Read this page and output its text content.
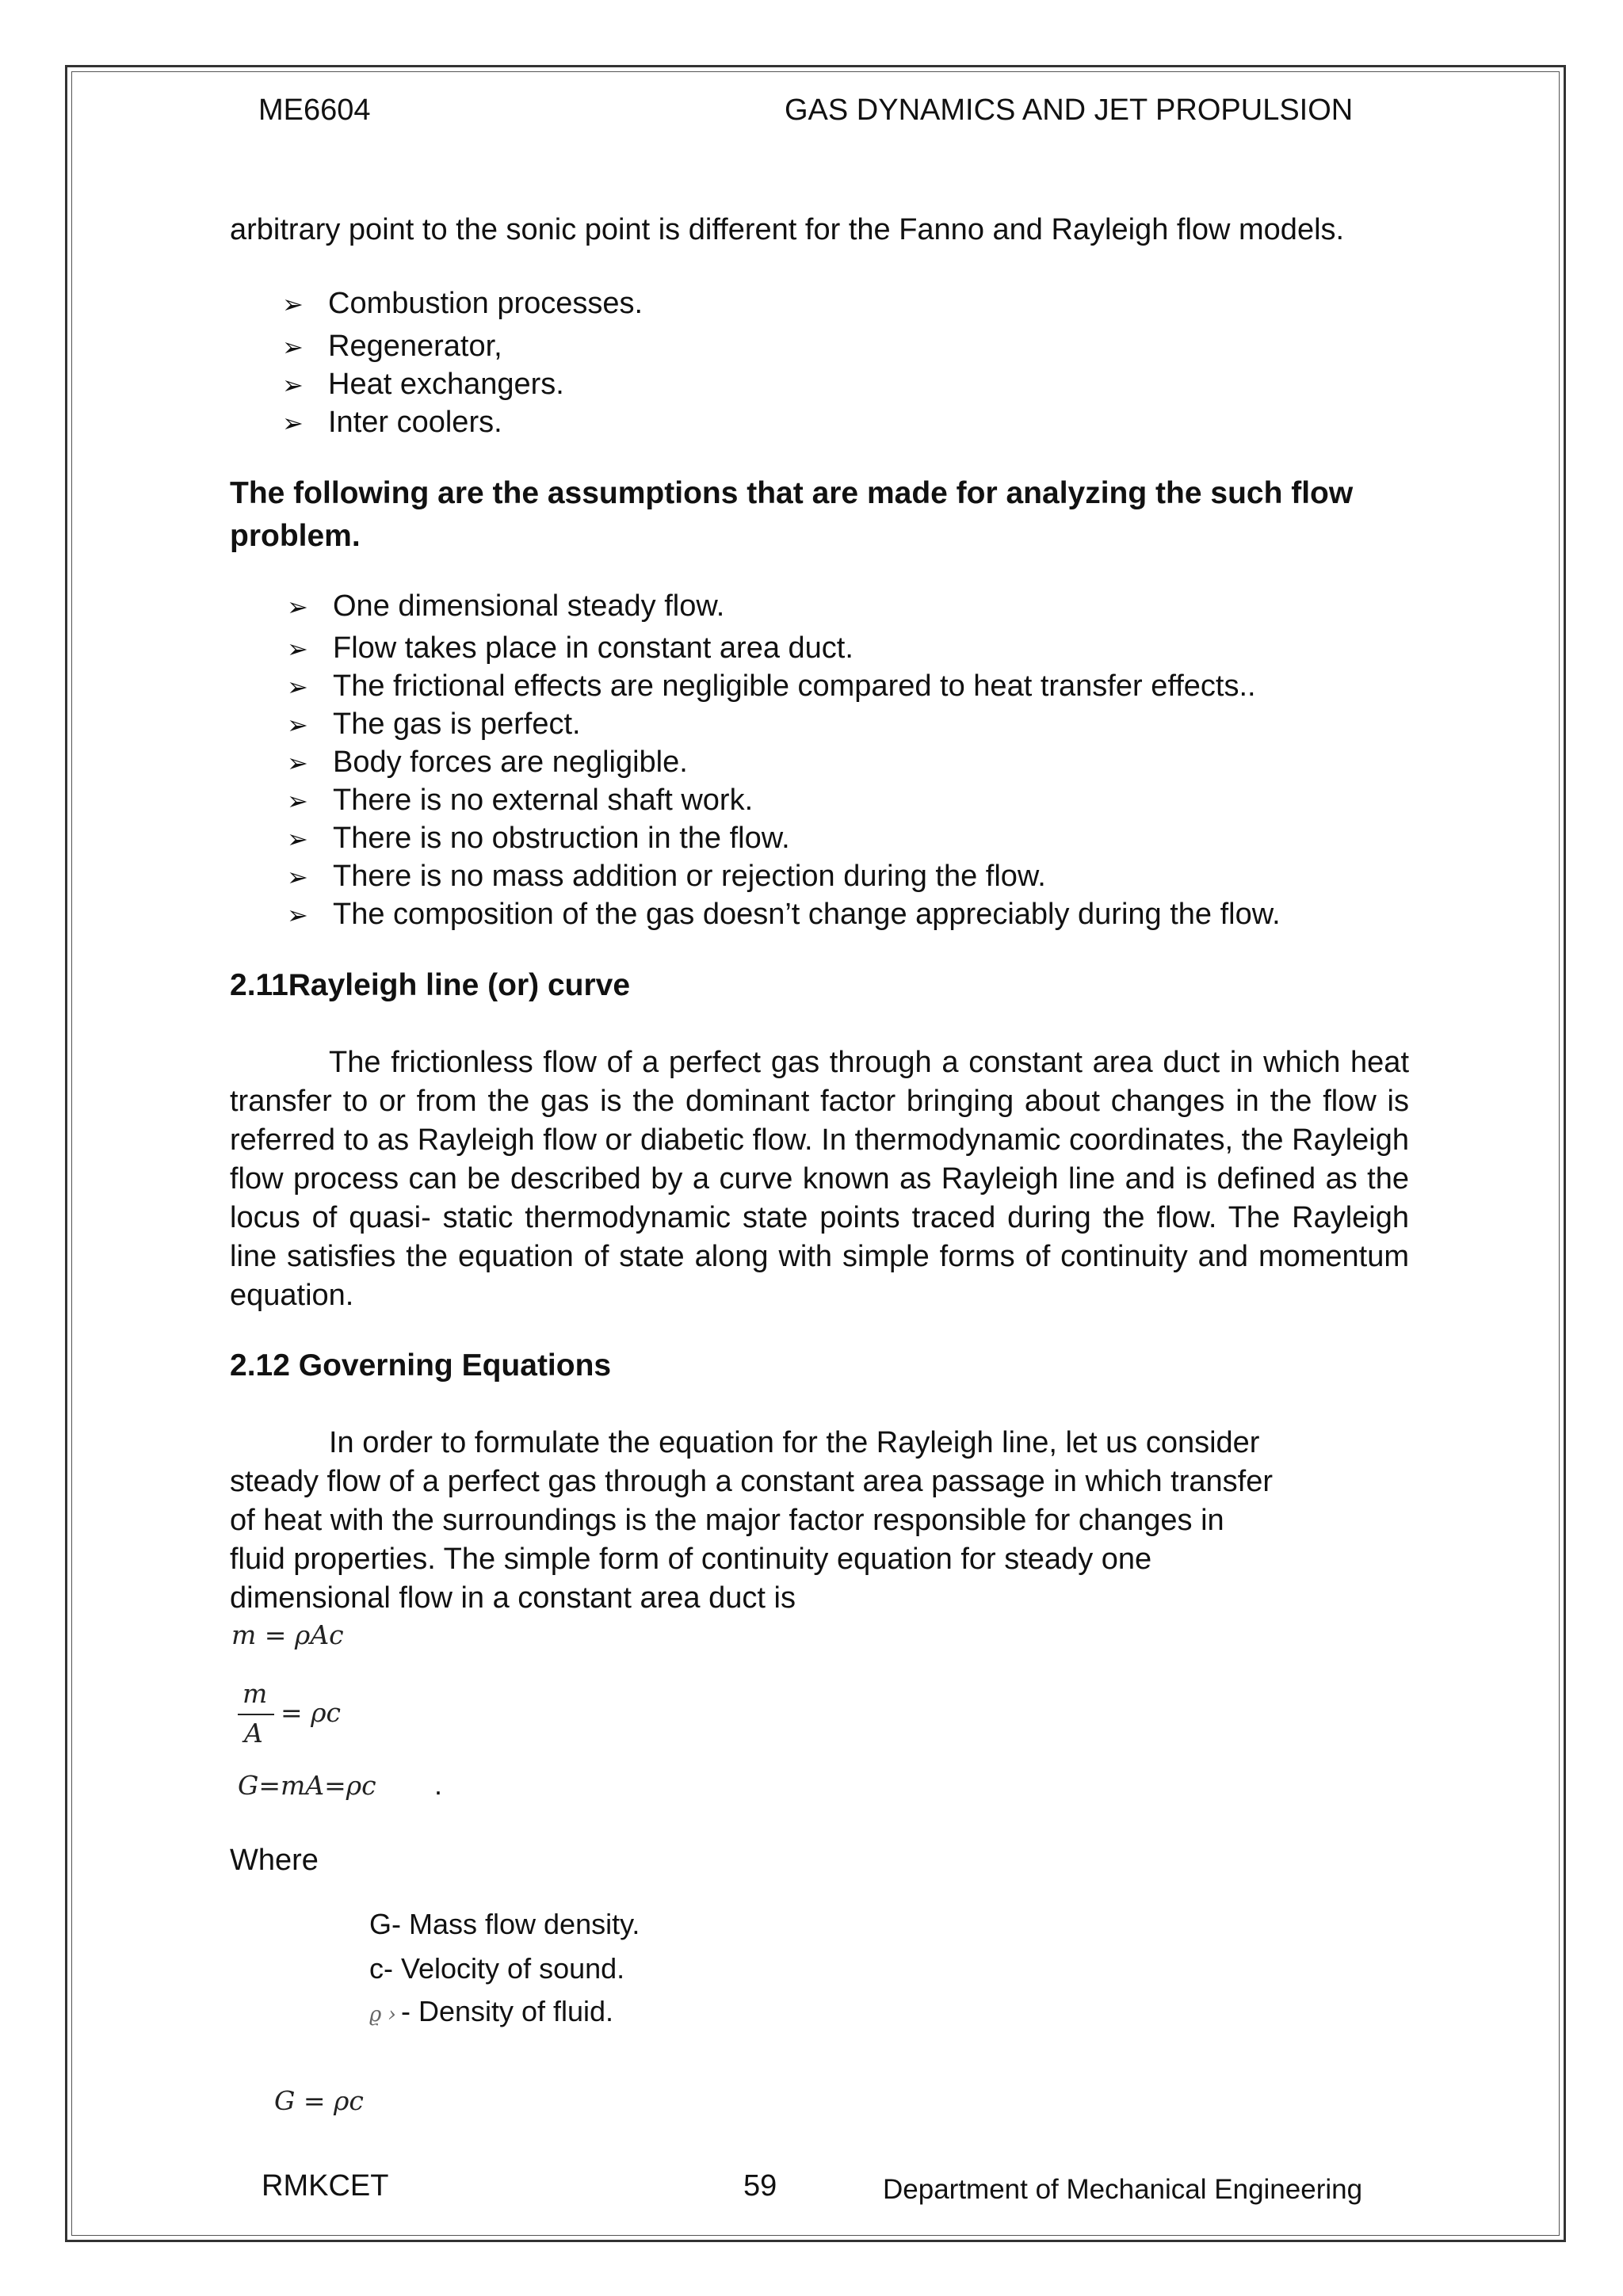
ME6604	GAS DYNAMICS AND JET PROPULSION
arbitrary point to the sonic point is different for the Fanno and Rayleigh flow models.
➢ Combustion processes.
➢ Regenerator,
➢ Heat exchangers.
➢ Inter coolers.
The following are the assumptions that are made for analyzing the such flow problem.
➢ One dimensional steady flow.
➢ Flow takes place in constant area duct.
➢ The frictional effects are negligible compared to heat transfer effects..
➢ The gas is perfect.
➢ Body forces are negligible.
➢ There is no external shaft work.
➢ There is no obstruction in the flow.
➢ There is no mass addition or rejection during the flow.
➢ The composition of the gas doesn’t change appreciably during the flow.
2.11Rayleigh line (or) curve
The frictionless flow of a perfect gas through a constant area duct in which heat transfer to or from the gas is the dominant factor bringing about changes in the flow is referred to as Rayleigh flow or diabetic flow. In thermodynamic coordinates, the Rayleigh flow process can be described by a curve known as Rayleigh line and is defined as the locus of quasi- static thermodynamic state points traced during the flow. The Rayleigh line satisfies the equation of state along with simple forms of continuity and momentum equation.
2.12 Governing Equations
In order to formulate the equation for the Rayleigh line, let us consider
steady flow of a perfect gas through a constant area passage in which transfer
of heat with the surroundings is the major factor responsible for changes in
fluid properties. The simple form of continuity equation for steady one
dimensional flow in a constant area duct is
m = ρAc
m
A
= ρc
G=mA=ρc .
Where
G- Mass flow density.
c- Velocity of sound.
ϱ › - Density of fluid.
G = ρc
RMKCET	59	Department of Mechanical Engineering
